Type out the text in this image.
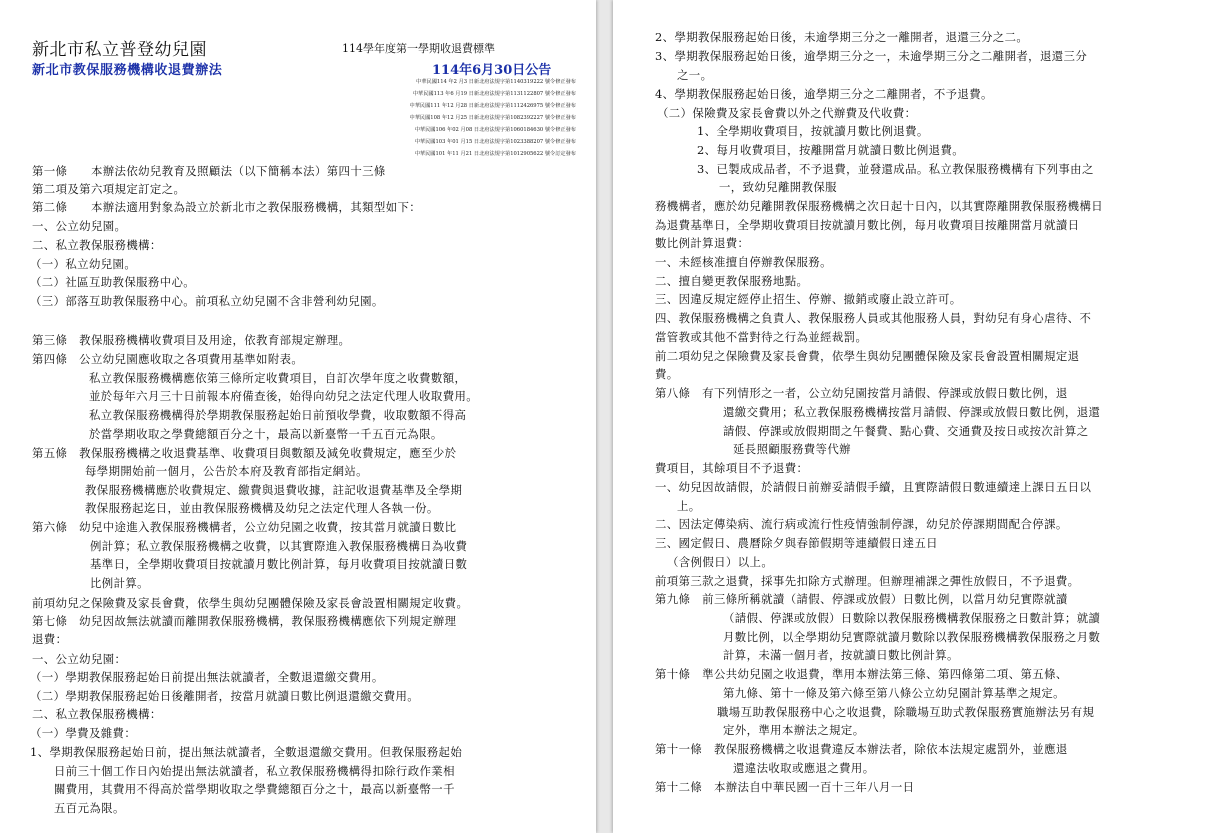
新北市私立普登幼兒園	114學年度第一學期收退費標準
新北市教保服務機構收退費辦法	114年6月30日公告
中華民國114 年2 月3 日新北府法規字第1140319222 號令修正發布
中華民國113 年6 月19 日新北府法規字第1131122807 號令修正發布
中華民國111 年12 月28 日新北府法規字第1112426975 號令修正發布
中華民國108 年12 月25 日新北府法規字第1082392227 號令修正發布
中華民國106 年02 月08 日北府法規字第1060184630 號令修正發布
中華民國103 年01 月15 日北府法規字第1023388207 號令修正發布
中華民國101 年11 月21 日北府法規字第1012905622 號令訂定發布
第一條　　本辦法依幼兒教育及照顧法（以下簡稱本法）第四十三條
第二項及第六項規定訂定之。
第二條　　本辦法適用對象為設立於新北市之教保服務機構，其類型如下：
一、公立幼兒園。
二、私立教保服務機構：
（一）私立幼兒園。
（二）社區互助教保服務中心。
（三）部落互助教保服務中心。前項私立幼兒園不含非營利幼兒園。
第三條　教保服務機構收費項目及用途，依教育部規定辦理。
第四條　公立幼兒園應收取之各項費用基準如附表。
私立教保服務機構應依第三條所定收費項目，自訂次學年度之收費數額，
並於每年六月三十日前報本府備查後，始得向幼兒之法定代理人收取費用。
私立教保服務機構得於學期教保服務起始日前預收學費，收取數額不得高
於當學期收取之學費總額百分之十，最高以新臺幣一千五百元為限。
第五條　教保服務機構之收退費基準、收費項目與數額及減免收費規定，應至少於
每學期開始前一個月，公告於本府及教育部指定網站。
教保服務機構應於收費規定、繳費與退費收據，註記收退費基準及全學期
教保服務起迄日，並由教保服務機構及幼兒之法定代理人各執一份。
第六條　幼兒中途進入教保服務機構者，公立幼兒園之收費，按其當月就讀日數比
例計算；私立教保服務機構之收費，以其實際進入教保服務機構日為收費
基準日，全學期收費項目按就讀月數比例計算，每月收費項目按就讀日數
比例計算。
前項幼兒之保險費及家長會費，依學生與幼兒團體保險及家長會設置相關規定收費。
第七條　幼兒因故無法就讀而離開教保服務機構，教保服務機構應依下列規定辦理
退費：
一、公立幼兒園：
（一）學期教保服務起始日前提出無法就讀者，全數退還繳交費用。
（二）學期教保服務起始日後離開者，按當月就讀日數比例退還繳交費用。
二、私立教保服務機構：
（一）學費及雜費：
1、學期教保服務起始日前，提出無法就讀者，全數退還繳交費用。但教保服務起始
日前三十個工作日內始提出無法就讀者，私立教保服務機構得扣除行政作業相
關費用，其費用不得高於當學期收取之學費總額百分之十，最高以新臺幣一千
五百元為限。
2、學期教保服務起始日後，未逾學期三分之一離開者，退還三分之二。
3、學期教保服務起始日後，逾學期三分之一，未逾學期三分之二離開者，退還三分
之一。
4、學期教保服務起始日後，逾學期三分之二離開者，不予退費。
（二）保險費及家長會費以外之代辦費及代收費：
1、全學期收費項目，按就讀月數比例退費。
2、每月收費項目，按離開當月就讀日數比例退費。
3、已製成成品者，不予退費，並發還成品。私立教保服務機構有下列事由之
一，致幼兒離開教保服
務機構者，應於幼兒離開教保服務機構之次日起十日內，以其實際離開教保服務機構日
為退費基準日，全學期收費項目按就讀月數比例，每月收費項目按離開當月就讀日
數比例計算退費：
一、未經核准擅自停辦教保服務。
二、擅自變更教保服務地點。
三、因違反規定經停止招生、停辦、撤銷或廢止設立許可。
四、教保服務機構之負責人、教保服務人員或其他服務人員，對幼兒有身心虐待、不
當管教或其他不當對待之行為並經裁罰。
前二項幼兒之保險費及家長會費，依學生與幼兒團體保險及家長會設置相關規定退
費。
第八條　有下列情形之一者，公立幼兒園按當月請假、停課或放假日數比例，退
還繳交費用；私立教保服務機構按當月請假、停課或放假日數比例，退還
請假、停課或放假期間之午餐費、點心費、交通費及按日或按次計算之
延長照顧服務費等代辦
費項目，其餘項目不予退費：
一、幼兒因故請假，於請假日前辦妥請假手續，且實際請假日數連續達上課日五日以
上。
二、因法定傳染病、流行病或流行性疫情強制停課，幼兒於停課期間配合停課。
三、國定假日、農曆除夕與春節假期等連續假日達五日
（含例假日）以上。
前項第三款之退費，採事先扣除方式辦理。但辦理補課之彈性放假日，不予退費。
第九條　前三條所稱就讀（請假、停課或放假）日數比例，以當月幼兒實際就讀
（請假、停課或放假）日數除以教保服務機構教保服務之日數計算；就讀
月數比例，以全學期幼兒實際就讀月數除以教保服務機構教保服務之月數
計算，未滿一個月者，按就讀日數比例計算。
第十條　準公共幼兒園之收退費，準用本辦法第三條、第四條第二項、第五條、
第九條、第十一條及第六條至第八條公立幼兒園計算基準之規定。
職場互助教保服務中心之收退費，除職場互助式教保服務實施辦法另有規
定外，準用本辦法之規定。
第十一條　教保服務機構之收退費違反本辦法者，除依本法規定處罰外，並應退
還違法收取或應退之費用。
第十二條　本辦法自中華民國一百十三年八月一日
